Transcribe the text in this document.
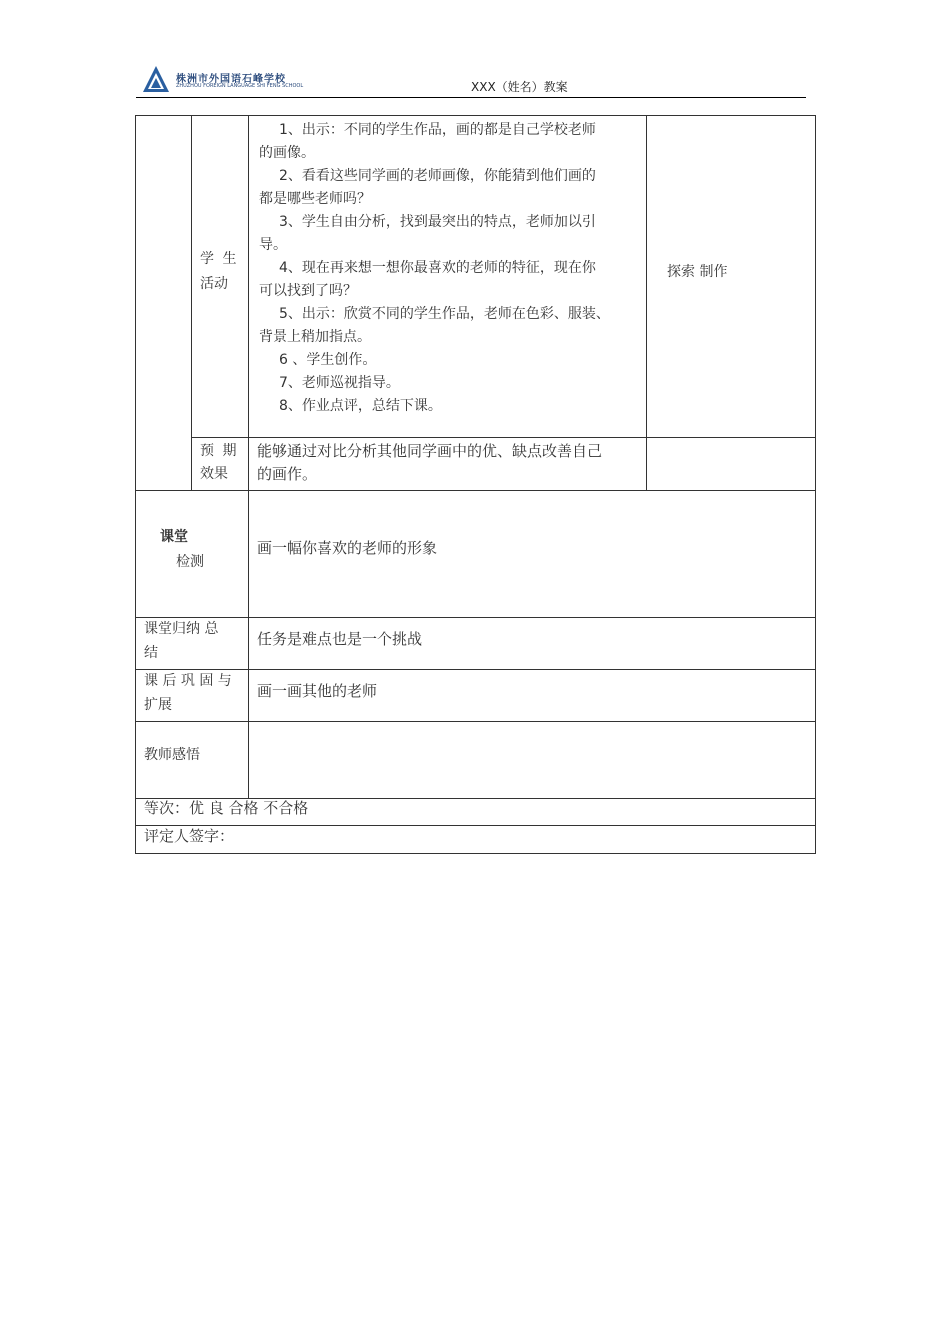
株洲市外国语石峰学校
ZHUZHOU FOREIGN LANGUAGE SHI FENG SCHOOL	XXX（姓名）教案
学 生
活动
1、出示：不同的学生作品，画的都是自己学校老师
的画像。
2、看看这些同学画的老师画像，你能猜到他们画的
都是哪些老师吗？
3、学生自由分析，找到最突出的特点，老师加以引
导。
4、现在再来想一想你最喜欢的老师的特征，现在你
可以找到了吗？
5、出示：欣赏不同的学生作品，老师在色彩、服装、
背景上稍加指点。
6 、学生创作。
7、老师巡视指导。
8、作业点评，总结下课。
探索 制作
预 期
效果
能够通过对比分析其他同学画中的优、缺点改善自己
的画作。
课堂
检测
画一幅你喜欢的老师的形象
课堂归纳 总
结
任务是难点也是一个挑战
课 后 巩 固 与
扩展
画一画其他的老师
教师感悟
等次：优 良 合格 不合格
评定人签字：
